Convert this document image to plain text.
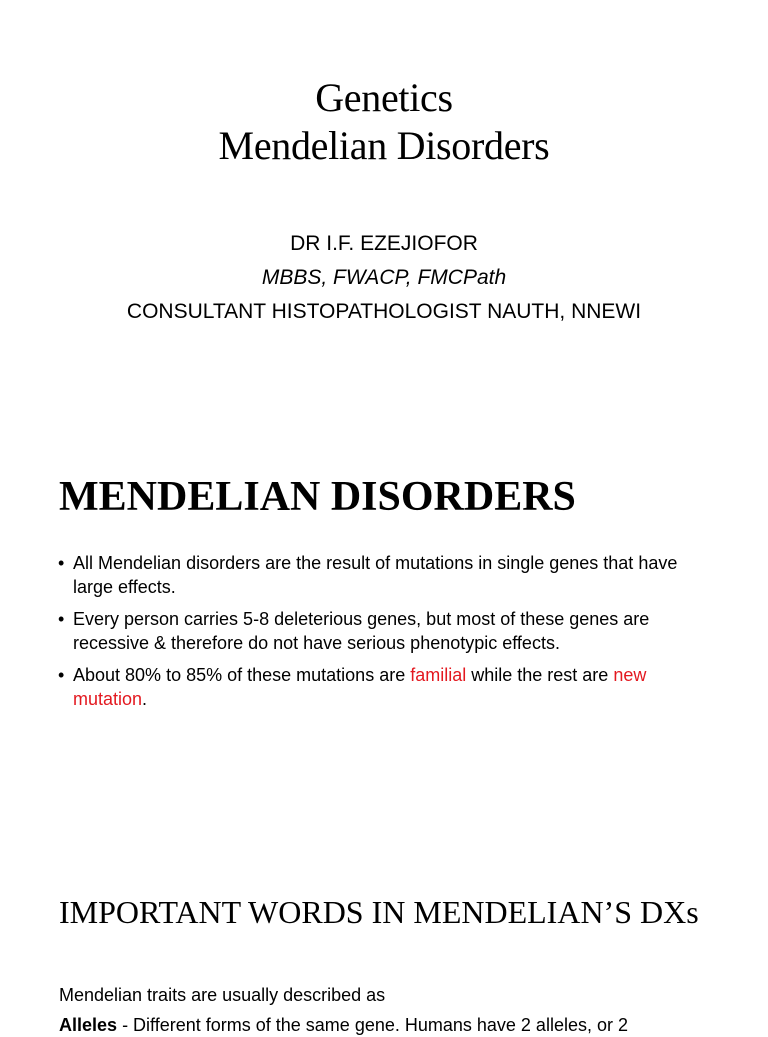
Genetics
Mendelian Disorders
DR I.F. EZEJIOFOR
MBBS, FWACP, FMCPath
CONSULTANT HISTOPATHOLOGIST NAUTH, NNEWI
MENDELIAN DISORDERS
• All Mendelian disorders are the result of mutations in single genes that have large effects.
• Every person carries 5-8 deleterious genes, but most of these genes are recessive & therefore do not have serious phenotypic effects.
• About 80% to 85% of these mutations are familial while the rest are new mutation.
IMPORTANT WORDS IN MENDELIAN’S DXs
Mendelian traits are usually described as
Alleles - Different forms of the same gene. Humans have 2 alleles, or 2
